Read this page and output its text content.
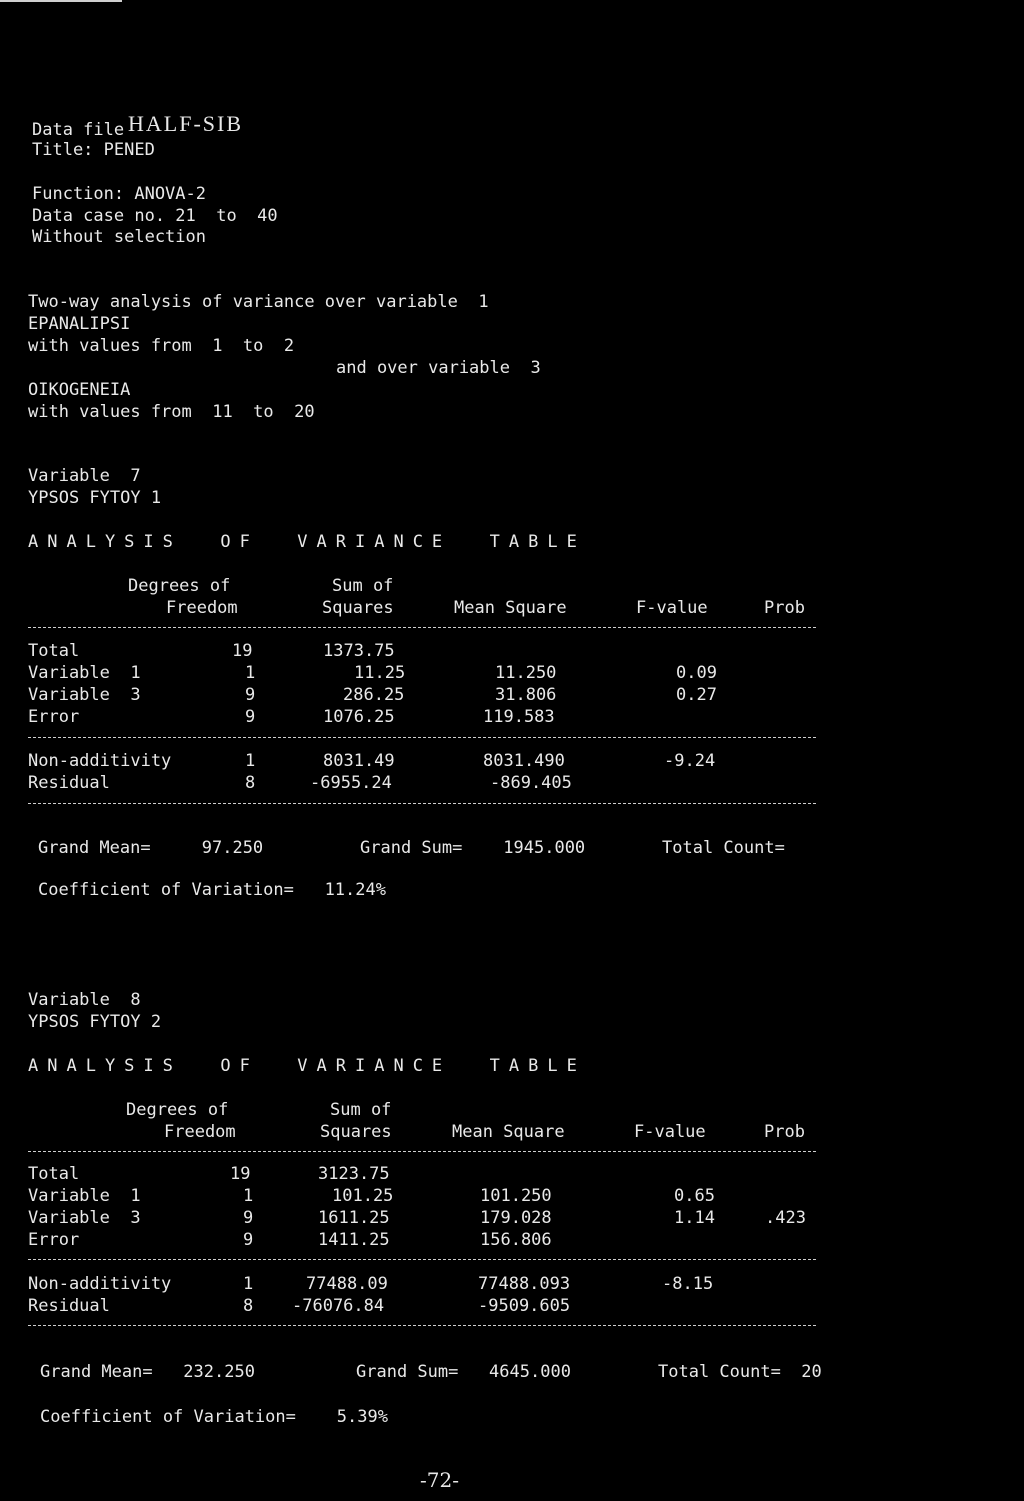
Data file HALF-SIB
Title: PENED
Function: ANOVA-2
Data case no. 21  to  40
Without selection
Two-way analysis of variance over variable  1
EPANALIPSI
with values from  1  to  2
and over variable  3
OIKOGENEIA
with values from  11  to  20
Variable  7
YPSOS FYTOY 1
ANALYSIS  OF  VARIANCE  TABLE
Degrees of	Sum of
Freedom	Squares	Mean Square	F-value	Prob
Total	19	1373.75
Variable  1	1	11.25	11.250	0.09
Variable  3	9	286.25	31.806	0.27
Error	9	1076.25	119.583
Non-additivity	1	8031.49	8031.490	-9.24
Residual	8	-6955.24	-869.405
Grand Mean=     97.250	Grand Sum=    1945.000	Total Count=
Coefficient of Variation=   11.24%
Variable  8
YPSOS FYTOY 2
ANALYSIS  OF  VARIANCE  TABLE
Degrees of	Sum of
Freedom	Squares	Mean Square	F-value	Prob
Total	19	3123.75
Variable  1	1	101.25	101.250	0.65
Variable  3	9	1611.25	179.028	1.14	.423
Error	9	1411.25	156.806
Non-additivity	1	77488.09	77488.093	-8.15
Residual	8 -76076.84	-9509.605
Grand Mean=   232.250	Grand Sum=   4645.000	Total Count=  20
Coefficient of Variation=    5.39%
-72-
